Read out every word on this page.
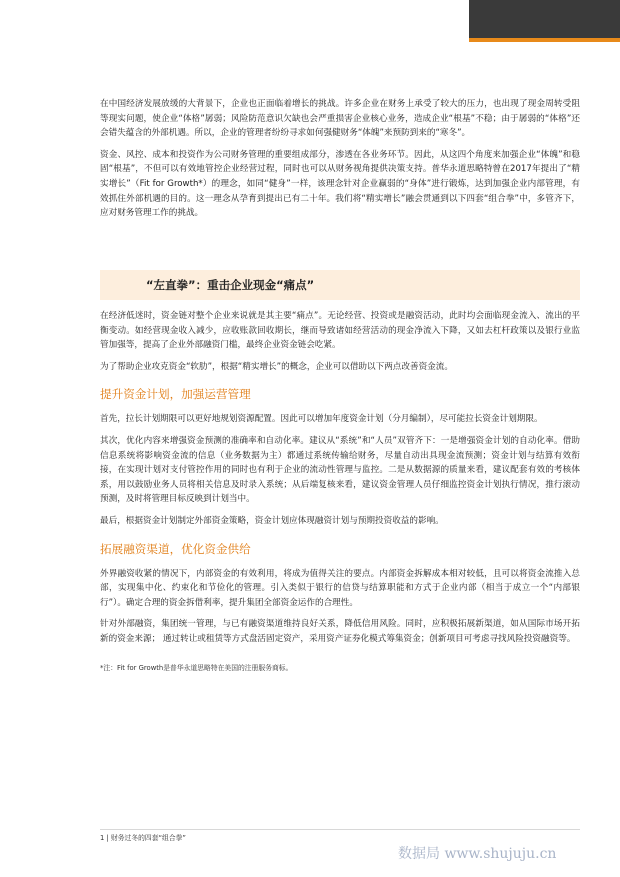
在中国经济发展放缓的大背景下，企业也正面临着增长的挑战。许多企业在财务上承受了较大的压力，也出现了现金周转受阻等现实问题，使企业“体格”孱弱；风险防范意识欠缺也会严重损害企业核心业务，造成企业“根基”不稳；由于孱弱的“体格”还会错失蕴含的外部机遇。所以，企业的管理者纷纷寻求如何强健财务“体魄”来预防到来的“寒冬”。

资金、风控、成本和投资作为公司财务管理的重要组成部分，渗透在各业务环节。因此，从这四个角度来加强企业“体魄”和稳固“根基”，不但可以有效地管控企业经营过程，同时也可以从财务视角提供决策支持。普华永道思略特曾在2017年提出了“精实增长”（Fit for Growth*）的理念，如同“健身”一样，该理念针对企业赢弱的“身体”进行锻炼，达到加强企业内部管理，有效抓住外部机遇的目的。这一理念从孕育到提出已有二十年。我们将“精实增长”融会贯通到以下四套“组合拳”中，多管齐下，应对财务管理工作的挑战。

“左直拳”：重击企业现金“痛点”

在经济低迷时，资金链对整个企业来说就是其主要“痛点”。无论经营、投资或是融资活动，此时均会面临现金流入、流出的平衡变动。如经营现金收入减少，应收账款回收期长，继而导致诸如经营活动的现金净流入下降，又如去杠杆政策以及银行业监管加强等，提高了企业外部融资门槛，最终企业资金链会吃紧。

为了帮助企业攻克资金“软肋”，根据“精实增长”的概念，企业可以借助以下两点改善资金流。

提升资金计划，加强运营管理

首先，拉长计划期限可以更好地规划资源配置。因此可以增加年度资金计划（分月编制），尽可能拉长资金计划期限。

其次，优化内容来增强资金预测的准确率和自动化率。建议从“系统”和“人员”双管齐下：一是增强资金计划的自动化率。借助信息系统将影响资金流的信息（业务数据为主）都通过系统传输给财务，尽量自动出具现金流预测；资金计划与结算有效衔接，在实现计划对支付管控作用的同时也有利于企业的流动性管理与监控。二是从数据源的质量来看，建议配套有效的考核体系，用以鼓励业务人员将相关信息及时录入系统；从后端复核来看，建议资金管理人员仔细监控资金计划执行情况，推行滚动预测，及时将管理目标反映到计划当中。

最后，根据资金计划制定外部资金策略，资金计划应体现融资计划与预期投资收益的影响。

拓展融资渠道，优化资金供给

外界融资收紧的情况下，内部资金的有效利用，将成为值得关注的要点。内部资金拆解成本相对较低，且可以将资金流推入总部，实现集中化、约束化和节俭化的管理。引入类似于银行的信贷与结算职能和方式于企业内部（相当于成立一个“内部银行”）。确定合理的资金拆借利率，提升集团全部资金运作的合理性。

针对外部融资，集团统一管理，与已有融资渠道维持良好关系，降低信用风险。同时，应积极拓展新渠道，如从国际市场开拓新的资金来源； 通过转让或租赁等方式盘活固定资产，采用资产证券化模式筹集资金；创新项目可考虑寻找风险投资融资等。

*注：Fit for Growth是普华永道思略特在美国的注册服务商标。
1 | 财务过冬的四套“组合拳”
数据局 www.shujuju.cn
